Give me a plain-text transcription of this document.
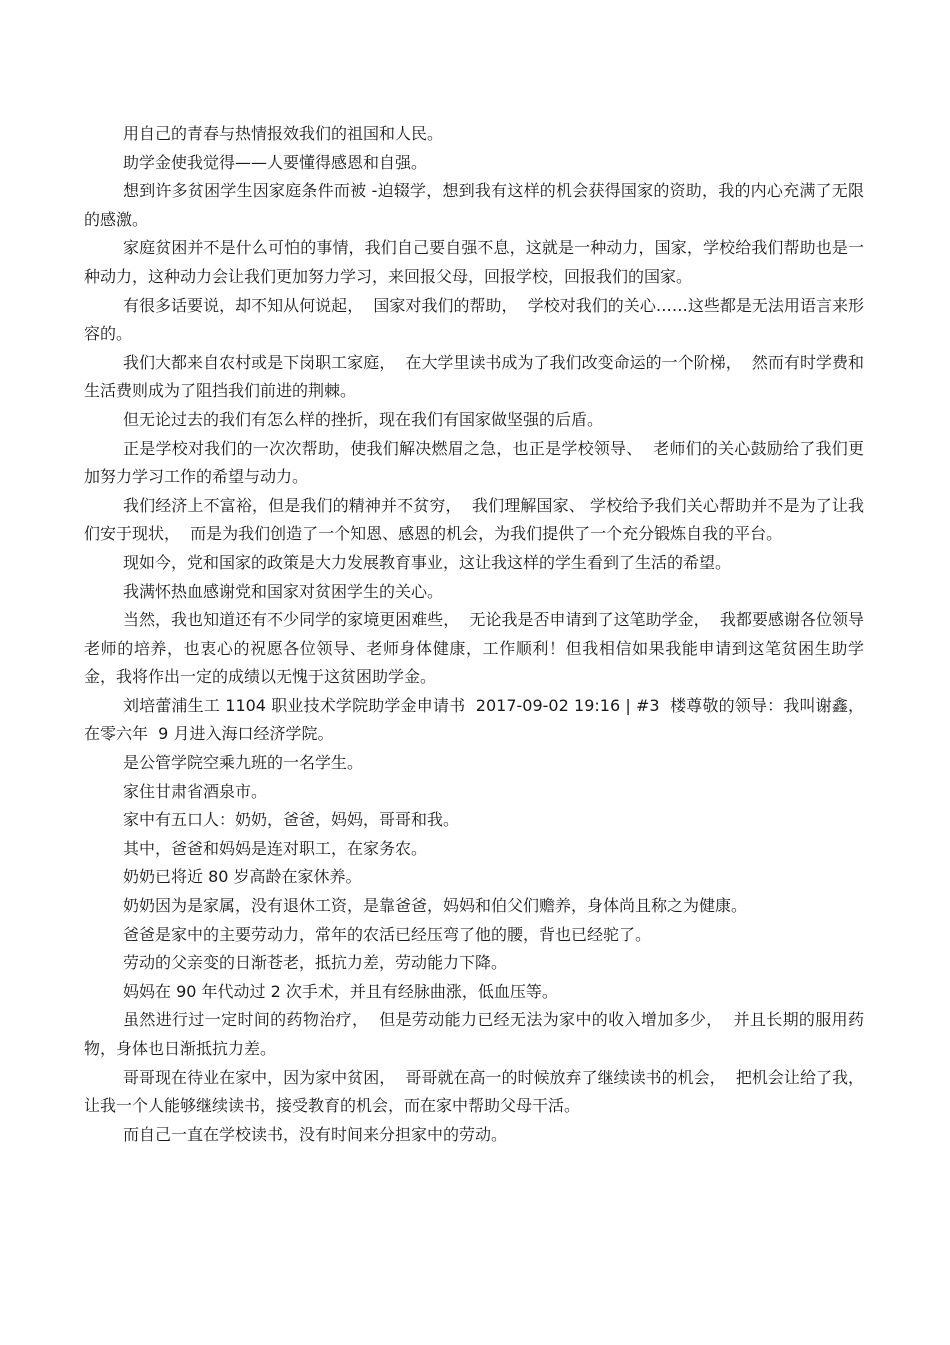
用自己的青春与热情报效我们的祖国和人民。

助学金使我觉得——人要懂得感恩和自强。

想到许多贫困学生因家庭条件而被 -迫辍学，想到我有这样的机会获得国家的资助，我的内心充满了无限的感激。

家庭贫困并不是什么可怕的事情，我们自己要自强不息，这就是一种动力，国家，学校给我们帮助也是一种动力，这种动力会让我们更加努力学习，来回报父母，回报学校，回报我们的国家。

有很多话要说，却不知从何说起，  国家对我们的帮助，  学校对我们的关心……这些都是无法用语言来形容的。

我们大都来自农村或是下岗职工家庭，  在大学里读书成为了我们改变命运的一个阶梯，  然而有时学费和生活费则成为了阻挡我们前进的荆棘。

但无论过去的我们有怎么样的挫折，现在我们有国家做坚强的后盾。

正是学校对我们的一次次帮助，使我们解决燃眉之急，也正是学校领导、  老师们的关心鼓励给了我们更加努力学习工作的希望与动力。

我们经济上不富裕，但是我们的精神并不贫穷，  我们理解国家、 学校给予我们关心帮助并不是为了让我们安于现状，  而是为我们创造了一个知恩、感恩的机会，为我们提供了一个充分锻炼自我的平台。

现如今，党和国家的政策是大力发展教育事业，这让我这样的学生看到了生活的希望。

我满怀热血感谢党和国家对贫困学生的关心。

当然，我也知道还有不少同学的家境更困难些，  无论我是否申请到了这笔助学金，  我都要感谢各位领导老师的培养，也衷心的祝愿各位领导、老师身体健康，工作顺利！但我相信如果我能申请到这笔贫困生助学金，我将作出一定的成绩以无愧于这贫困助学金。

刘培蕾浦生工 1104 职业技术学院助学金申请书  2017-09-02 19:16 | #3  楼尊敬的领导：我叫谢鑫，在零六年  9 月进入海口经济学院。

是公管学院空乘九班的一名学生。

家住甘肃省酒泉市。

家中有五口人：奶奶，爸爸，妈妈，哥哥和我。

其中，爸爸和妈妈是连对职工，在家务农。

奶奶已将近 80 岁高龄在家休养。

奶奶因为是家属，没有退休工资，是靠爸爸，妈妈和伯父们赡养，身体尚且称之为健康。

爸爸是家中的主要劳动力，常年的农活已经压弯了他的腰，背也已经驼了。

劳动的父亲变的日渐苍老，抵抗力差，劳动能力下降。

妈妈在 90 年代动过 2 次手术，并且有经脉曲涨，低血压等。

虽然进行过一定时间的药物治疗，  但是劳动能力已经无法为家中的收入增加多少，  并且长期的服用药物，身体也日渐抵抗力差。

哥哥现在待业在家中，因为家中贫困，  哥哥就在高一的时候放弃了继续读书的机会，  把机会让给了我，让我一个人能够继续读书，接受教育的机会，而在家中帮助父母干活。

而自己一直在学校读书，没有时间来分担家中的劳动。
